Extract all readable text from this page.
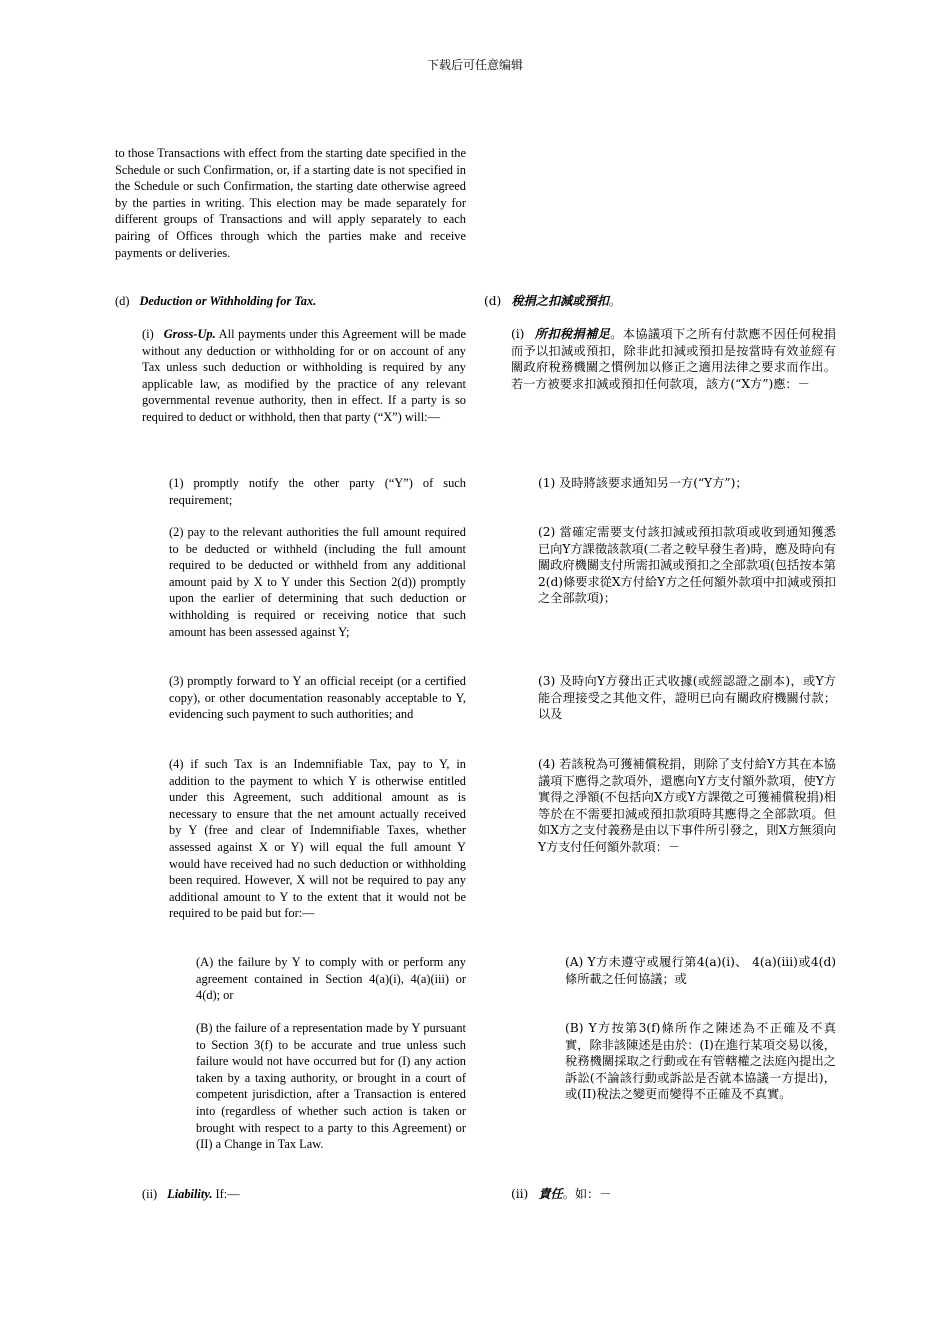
下载后可任意编辑

to those Transactions with effect from the starting date specified in the Schedule or such Confirmation, or, if a starting date is not specified in the Schedule or such Confirmation, the starting date otherwise agreed by the parties in writing. This election may be made separately for different groups of Transactions and will apply separately to each pairing of Offices through which the parties make and receive payments or deliveries.

(d) Deduction or Withholding for Tax.

(i) Gross-Up. All payments under this Agreement will be made without any deduction or withholding for or on account of any Tax unless such deduction or withholding is required by any applicable law, as modified by the practice of any relevant governmental revenue authority, then in effect. If a party is so required to deduct or withhold, then that party (“X”) will:—

(1) promptly notify the other party (“Y”) of such requirement;

(2) pay to the relevant authorities the full amount required to be deducted or withheld (including the full amount required to be deducted or withheld from any additional amount paid by X to Y under this Section 2(d)) promptly upon the earlier of determining that such deduction or withholding is required or receiving notice that such amount has been assessed against Y;

(3) promptly forward to Y an official receipt (or a certified copy), or other documentation reasonably acceptable to Y, evidencing such payment to such authorities; and

(4) if such Tax is an Indemnifiable Tax, pay to Y, in addition to the payment to which Y is otherwise entitled under this Agreement, such additional amount as is necessary to ensure that the net amount actually received by Y (free and clear of Indemnifiable Taxes, whether assessed against X or Y) will equal the full amount Y would have received had no such deduction or withholding been required. However, X will not be required to pay any additional amount to Y to the extent that it would not be required to be paid but for:—

(A) the failure by Y to comply with or perform any agreement contained in Section 4(a)(i), 4(a)(iii) or 4(d); or

(B) the failure of a representation made by Y pursuant to Section 3(f) to be accurate and true unless such failure would not have occurred but for (I) any action taken by a taxing authority, or brought in a court of competent jurisdiction, after a Transaction is entered into (regardless of whether such action is taken or brought with respect to a party to this Agreement) or (II) a Change in Tax Law.

(ii) Liability. If:—

(d) 稅捐之扣減或預扣。

(i) 所扣稅捐補足。本協議項下之所有付款應不因任何稅捐而予以扣減或預扣，除非此扣減或預扣是按當時有效並經有關政府稅務機關之慣例加以修正之適用法律之要求而作出。若一方被要求扣減或預扣任何款項，該方(“X方”)應：－

(1) 及時將該要求通知另一方(“Y方”)；

(2) 當確定需要支付該扣減或預扣款項或收到通知獲悉已向Y方課徵該款項(二者之較早發生者)時，應及時向有關政府機關支付所需扣減或預扣之全部款項(包括按本第2(d)條要求從X方付給Y方之任何額外款項中扣減或預扣之全部款項)；

(3) 及時向Y方發出正式收據(或經認證之副本)，或Y方能合理接受之其他文件，證明已向有關政府機關付款；以及

(4) 若該稅為可獲補償稅捐，則除了支付給Y方其在本協議項下應得之款項外，還應向Y方支付額外款項，使Y方實得之淨額(不包括向X方或Y方課徵之可獲補償稅捐)相等於在不需要扣減或預扣款項時其應得之全部款項。但如X方之支付義務是由以下事件所引發之，則X方無須向Y方支付任何額外款項：－

(A) Y方未遵守或履行第4(a)(i)、 4(a)(iii)或4(d)條所載之任何協議；或

(B) Y方按第3(f)條所作之陳述為不正確及不真實，除非該陳述是由於：(I)在進行某項交易以後，稅務機關採取之行動或在有管轄權之法庭內提出之訴訟(不論該行動或訴訟是否就本協議一方提出)，或(II)稅法之變更而變得不正確及不真實。

(ii) 責任。如：－
